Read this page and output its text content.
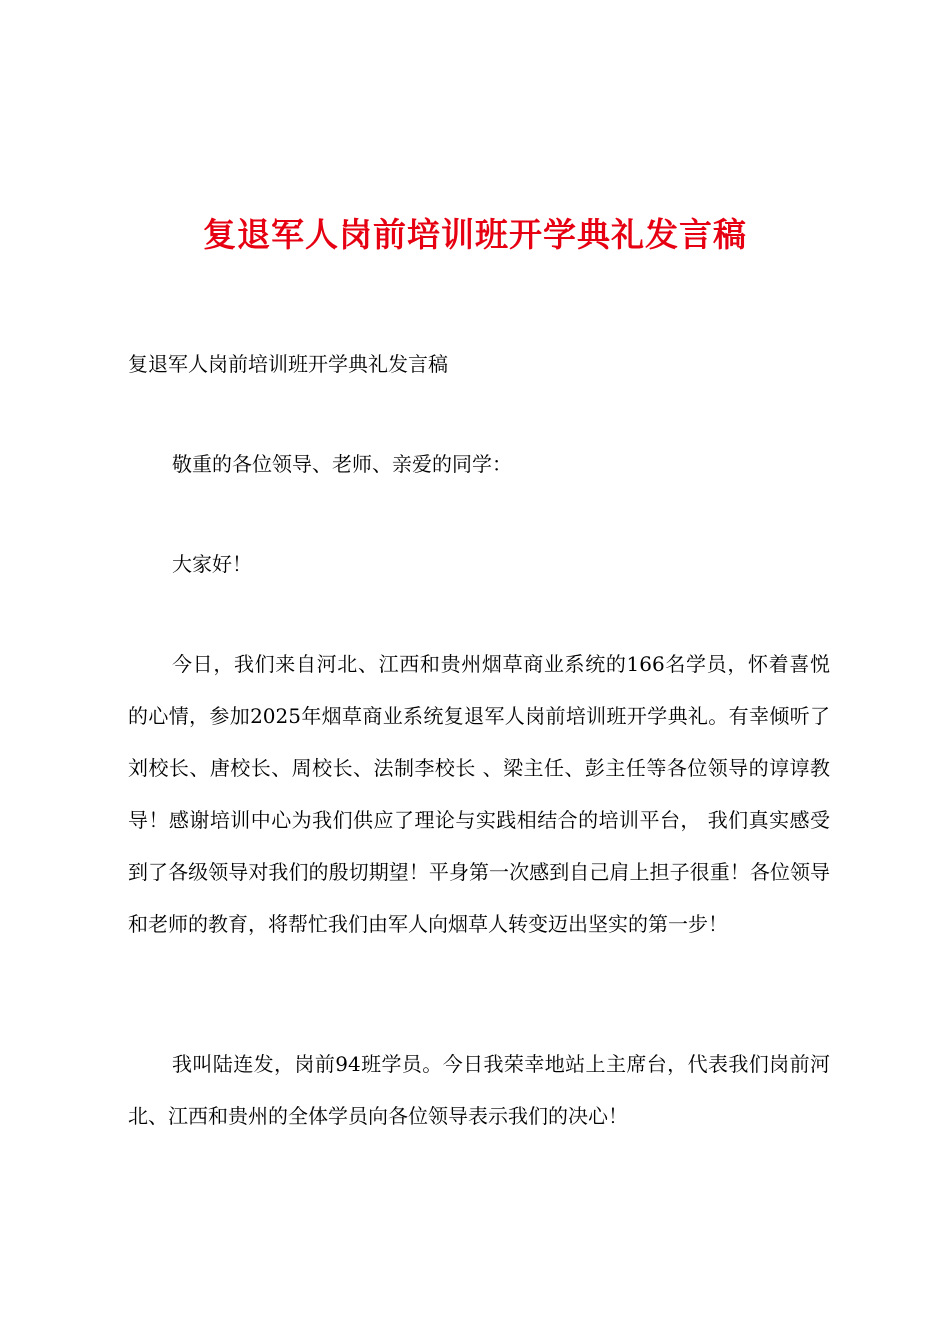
复退军人岗前培训班开学典礼发言稿

复退军人岗前培训班开学典礼发言稿

敬重的各位领导、老师、亲爱的同学：

大家好！

今日，我们来自河北、江西和贵州烟草商业系统的166名学员，怀着喜悦的心情，参加2025年烟草商业系统复退军人岗前培训班开学典礼。有幸倾听了刘校长、唐校长、周校长、法制李校长 、梁主任、彭主任等各位领导的谆谆教导！感谢培训中心为我们供应了理论与实践相结合的培训平台， 我们真实感受到了各级领导对我们的殷切期望！平身第一次感到自己肩上担子很重！各位领导和老师的教育，将帮忙我们由军人向烟草人转变迈出坚实的第一步！

我叫陆连发，岗前94班学员。今日我荣幸地站上主席台，代表我们岗前河北、江西和贵州的全体学员向各位领导表示我们的决心！
